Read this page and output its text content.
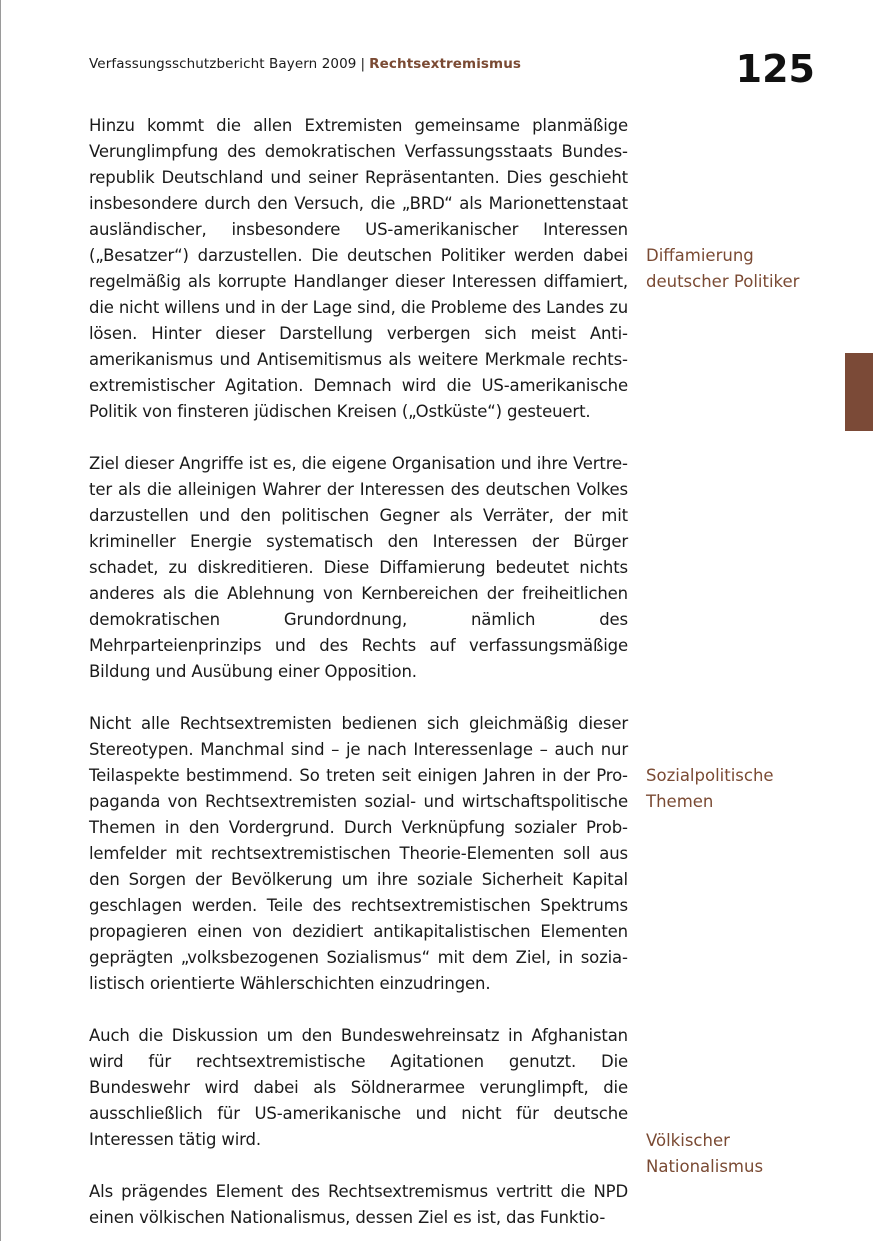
Verfassungsschutzbericht Bayern 2009 | Rechtsextremismus	125

Hinzu kommt die allen Extremisten gemeinsame planmäßige Verunglimpfung des demokratischen Verfassungsstaats Bundesrepublik Deutschland und seiner Repräsentanten. Dies geschieht insbesondere durch den Versuch, die „BRD“ als Marionettenstaat ausländischer, insbesondere US-amerikanischer Interessen („Besatzer“) darzustellen. Die deutschen Politiker werden dabei regelmäßig als korrupte Handlanger dieser Interessen diffamiert, die nicht willens und in der Lage sind, die Probleme des Landes zu lösen. Hinter dieser Darstellung verbergen sich meist Antiamerikanismus und Antisemitismus als weitere Merkmale rechtsextremistischer Agitation. Demnach wird die US-amerikanische Politik von finsteren jüdischen Kreisen („Ostküste“) gesteuert.

Ziel dieser Angriffe ist es, die eigene Organisation und ihre Vertreter als die alleinigen Wahrer der Interessen des deutschen Volkes darzustellen und den politischen Gegner als Verräter, der mit krimineller Energie systematisch den Interessen der Bürger schadet, zu diskreditieren. Diese Diffamierung bedeutet nichts anderes als die Ablehnung von Kernbereichen der freiheitlichen demokratischen Grundordnung, nämlich des Mehrparteienprinzips und des Rechts auf verfassungsmäßige Bildung und Ausübung einer Opposition.

Nicht alle Rechtsextremisten bedienen sich gleichmäßig dieser Stereotypen. Manchmal sind – je nach Interessenlage – auch nur Teilaspekte bestimmend. So treten seit einigen Jahren in der Propaganda von Rechtsextremisten sozial- und wirtschaftspolitische Themen in den Vordergrund. Durch Verknüpfung sozialer Problemfelder mit rechtsextremistischen Theorie-Elementen soll aus den Sorgen der Bevölkerung um ihre soziale Sicherheit Kapital geschlagen werden. Teile des rechtsextremistischen Spektrums propagieren einen von dezidiert antikapitalistischen Elementen geprägten „volksbezogenen Sozialismus“ mit dem Ziel, in sozialistisch orientierte Wählerschichten einzudringen.

Auch die Diskussion um den Bundeswehreinsatz in Afghanistan wird für rechtsextremistische Agitationen genutzt. Die Bundeswehr wird dabei als Söldnerarmee verunglimpft, die ausschließlich für US-amerikanische und nicht für deutsche Interessen tätig wird.

Als prägendes Element des Rechtsextremismus vertritt die NPD einen völkischen Nationalismus, dessen Ziel es ist, das Funktio-

Diffamierung
deutscher Politiker
Sozialpolitische
Themen
Völkischer
Nationalismus
